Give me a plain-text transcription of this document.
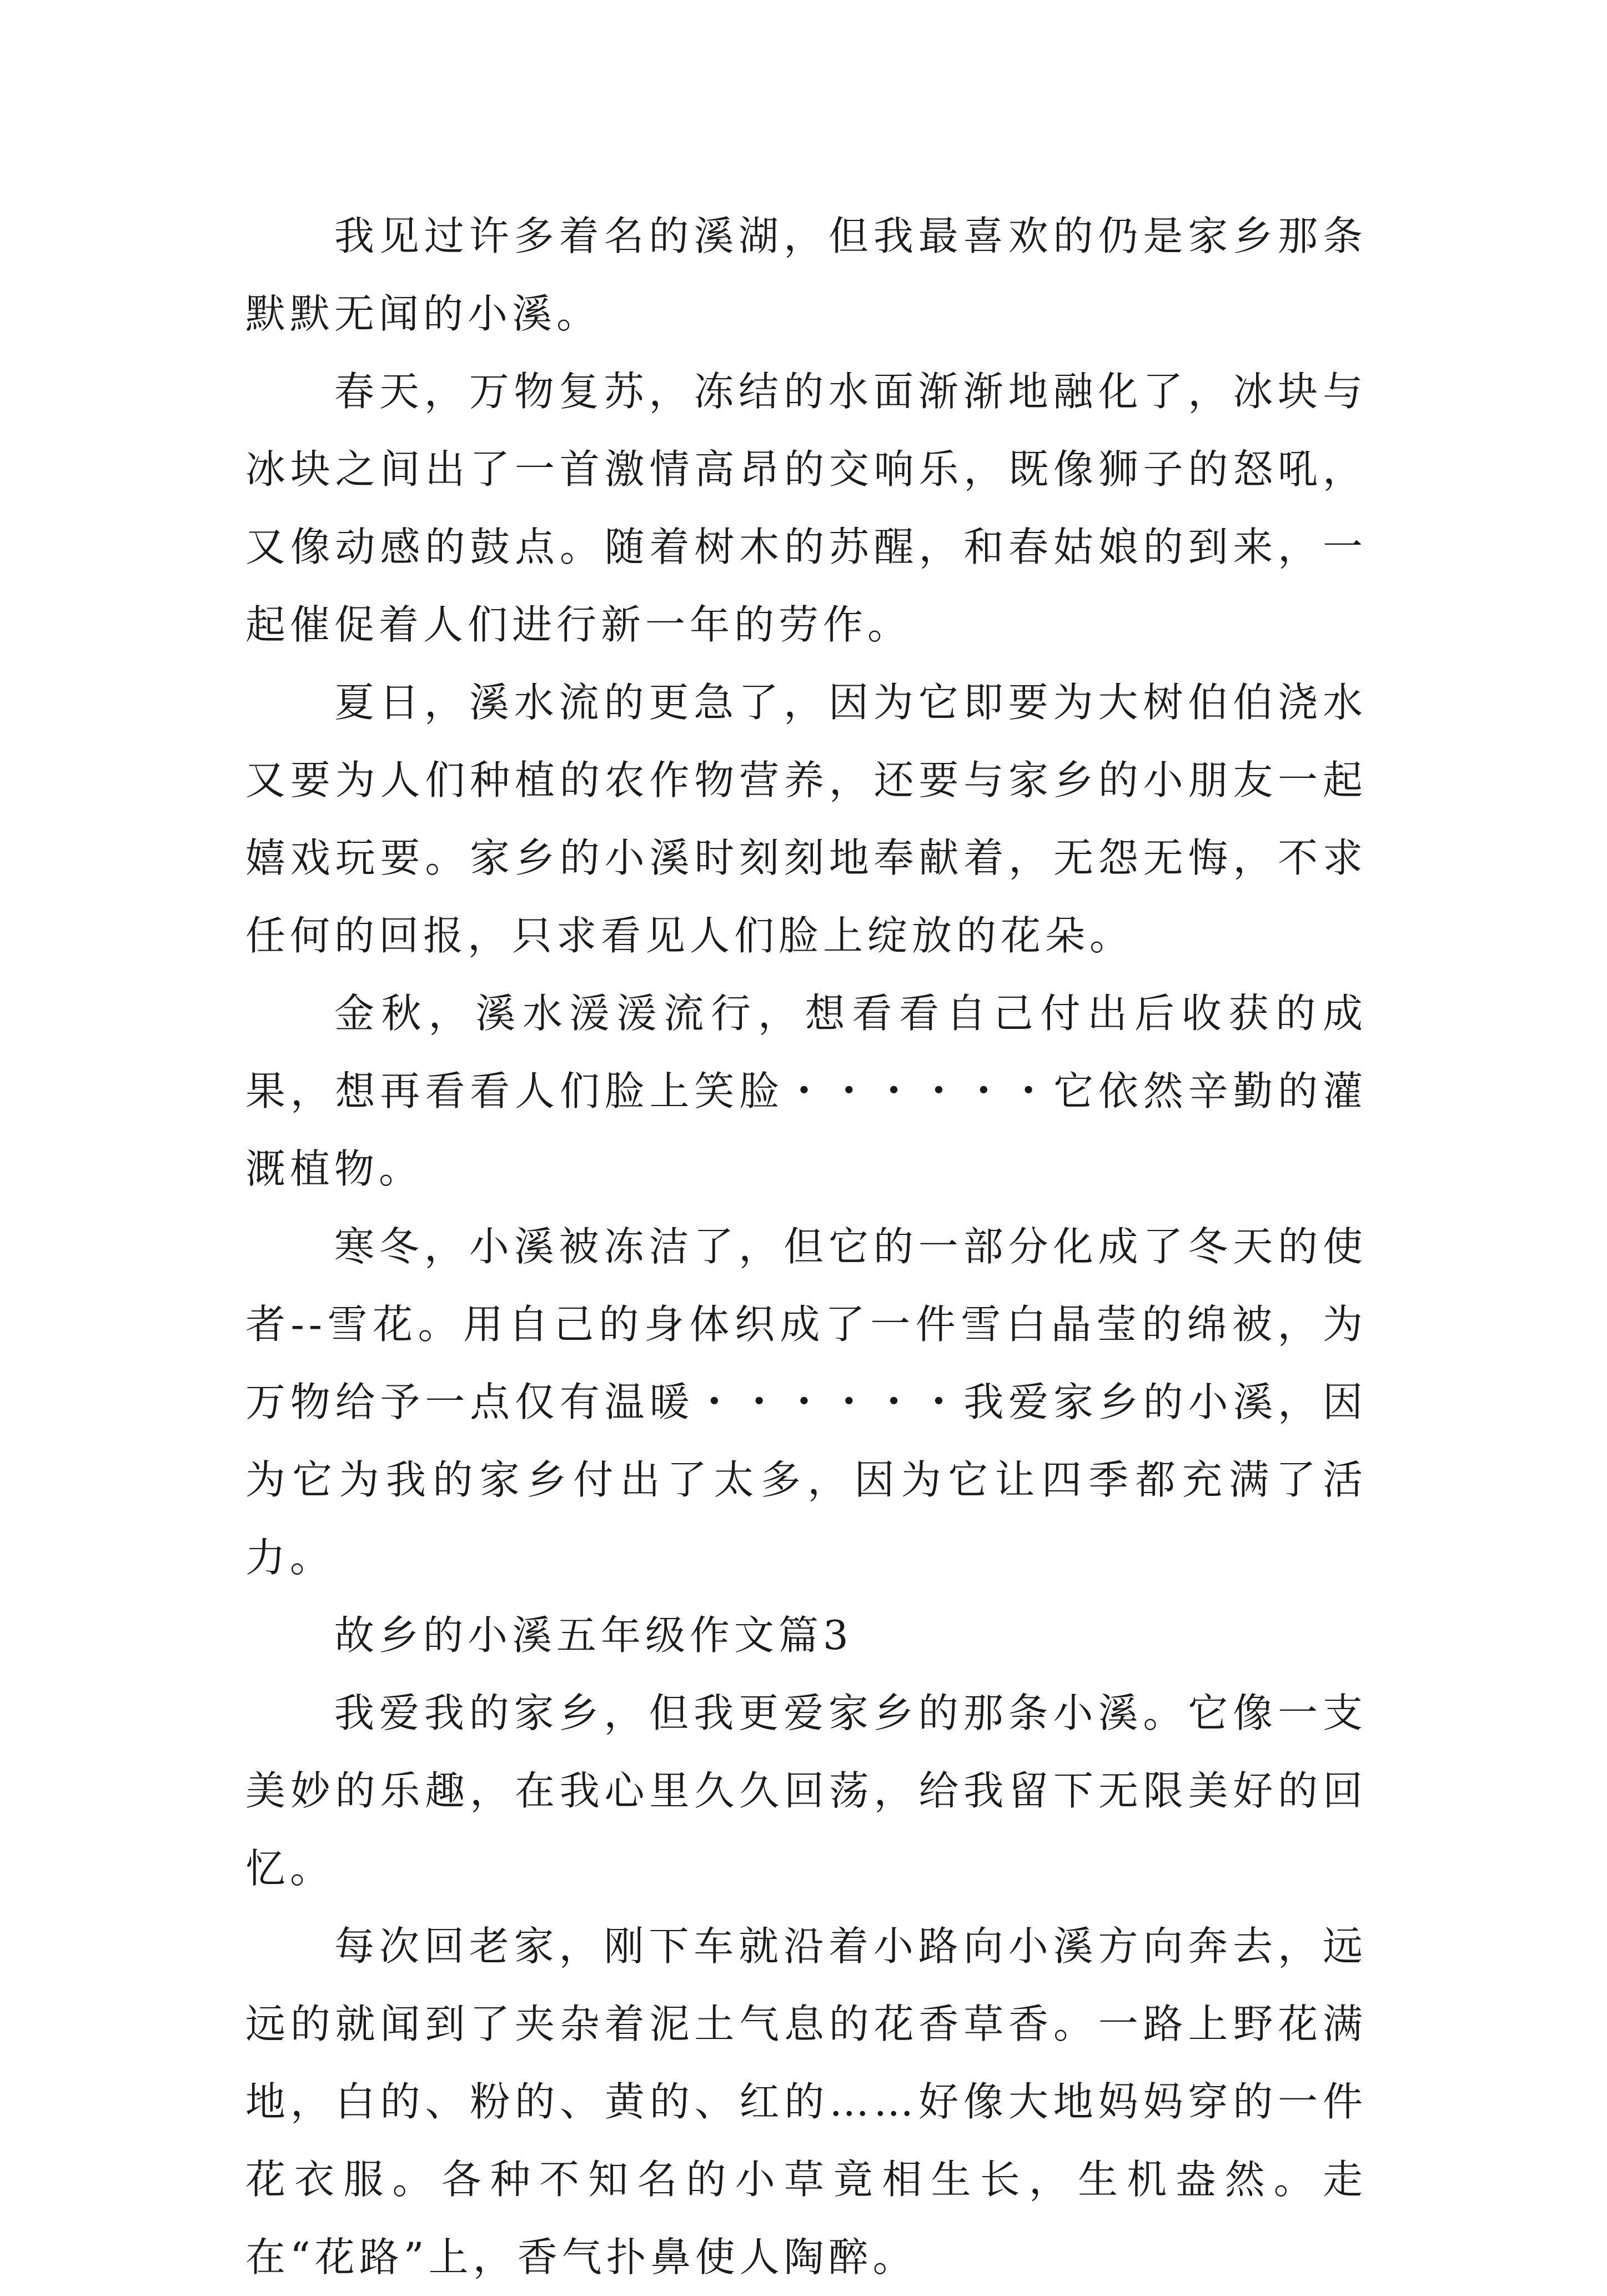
我见过许多着名的溪湖，但我最喜欢的仍是家乡那条默默无闻的小溪。

春天，万物复苏，冻结的水面渐渐地融化了，冰块与冰块之间出了一首激情高昂的交响乐，既像狮子的怒吼，又像动感的鼓点。随着树木的苏醒，和春姑娘的到来，一起催促着人们进行新一年的劳作。

夏日，溪水流的更急了，因为它即要为大树伯伯浇水又要为人们种植的农作物营养，还要与家乡的小朋友一起嬉戏玩要。家乡的小溪时刻刻地奉献着，无怨无悔，不求任何的回报，只求看见人们脸上绽放的花朵。

金秋，溪水湲湲流行，想看看自己付出后收获的成果，想再看看人们脸上笑脸・・・・・・它依然辛勤的灌溉植物。

寒冬，小溪被冻洁了，但它的一部分化成了冬天的使者--雪花。用自己的身体织成了一件雪白晶莹的绵被，为万物给予一点仅有温暖・・・・・・我爱家乡的小溪，因为它为我的家乡付出了太多，因为它让四季都充满了活力。

故乡的小溪五年级作文篇3

我爱我的家乡，但我更爱家乡的那条小溪。它像一支美妙的乐趣，在我心里久久回荡，给我留下无限美好的回忆。

每次回老家，刚下车就沿着小路向小溪方向奔去，远远的就闻到了夹杂着泥土气息的花香草香。一路上野花满地，白的、粉的、黄的、红的……好像大地妈妈穿的一件花衣服。各种不知名的小草竟相生长，生机盎然。走在“花路”上，香气扑鼻使人陶醉。
